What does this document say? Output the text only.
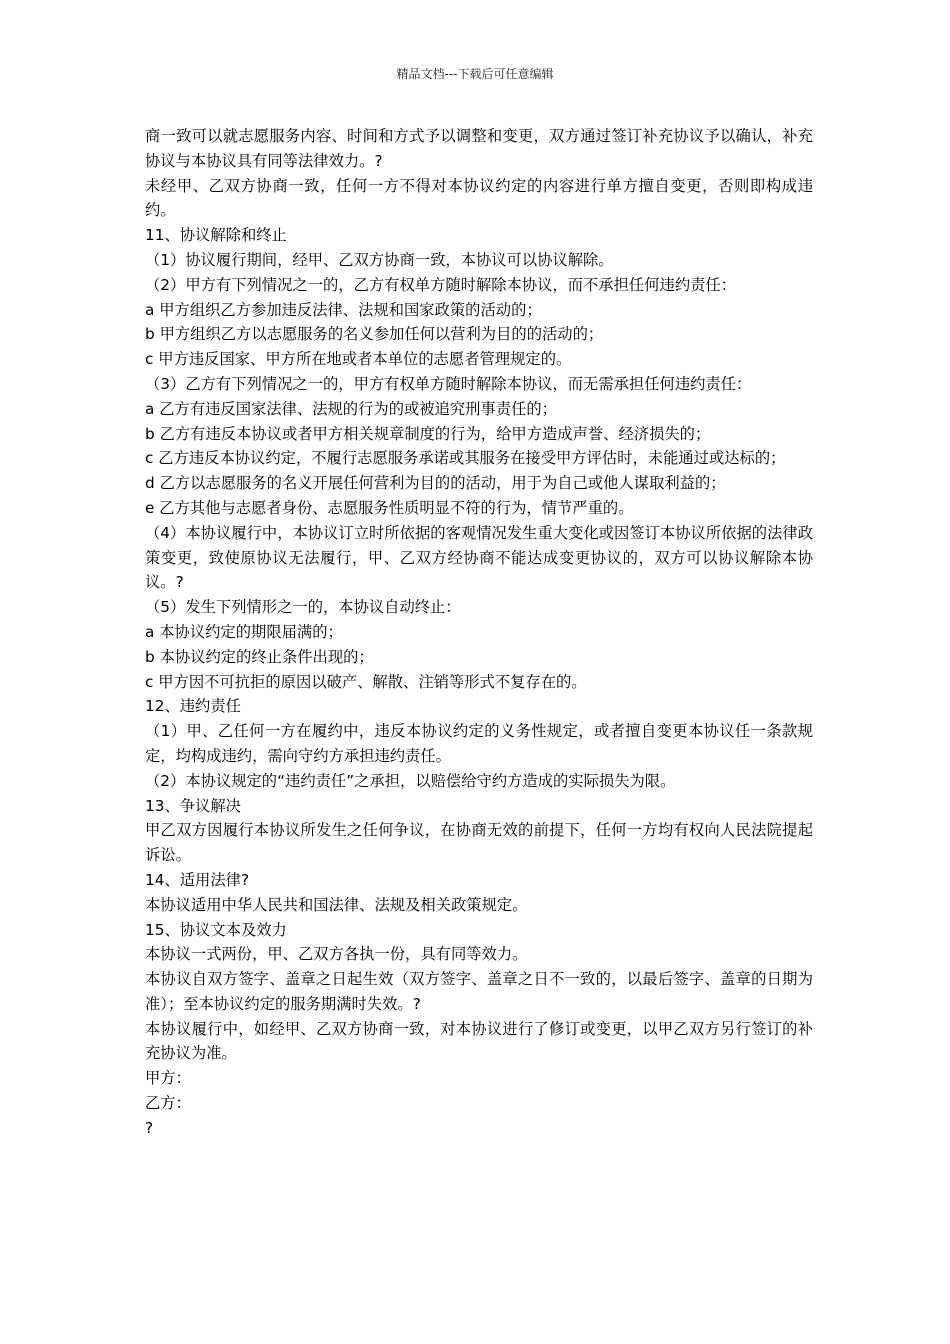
精品文档---下载后可任意编辑

商一致可以就志愿服务内容、时间和方式予以调整和变更，双方通过签订补充协议予以确认，补充协议与本协议具有同等法律效力。?

未经甲、乙双方协商一致，任何一方不得对本协议约定的内容进行单方擅自变更，否则即构成违约。

11、协议解除和终止

（1）协议履行期间，经甲、乙双方协商一致，本协议可以协议解除。

（2）甲方有下列情况之一的，乙方有权单方随时解除本协议，而不承担任何违约责任：

a 甲方组织乙方参加违反法律、法规和国家政策的活动的；

b 甲方组织乙方以志愿服务的名义参加任何以营利为目的的活动的；

c 甲方违反国家、甲方所在地或者本单位的志愿者管理规定的。

（3）乙方有下列情况之一的，甲方有权单方随时解除本协议，而无需承担任何违约责任：

a 乙方有违反国家法律、法规的行为的或被追究刑事责任的；

b 乙方有违反本协议或者甲方相关规章制度的行为，给甲方造成声誉、经济损失的；

c 乙方违反本协议约定，不履行志愿服务承诺或其服务在接受甲方评估时，未能通过或达标的；

d 乙方以志愿服务的名义开展任何营利为目的的活动，用于为自己或他人谋取利益的；

e 乙方其他与志愿者身份、志愿服务性质明显不符的行为，情节严重的。

（4）本协议履行中，本协议订立时所依据的客观情况发生重大变化或因签订本协议所依据的法律政策变更，致使原协议无法履行，甲、乙双方经协商不能达成变更协议的，双方可以协议解除本协议。?

（5）发生下列情形之一的，本协议自动终止：

a 本协议约定的期限届满的；

b 本协议约定的终止条件出现的；

c 甲方因不可抗拒的原因以破产、解散、注销等形式不复存在的。

12、违约责任

（1）甲、乙任何一方在履约中，违反本协议约定的义务性规定，或者擅自变更本协议任一条款规定，均构成违约，需向守约方承担违约责任。

（2）本协议规定的“违约责任”之承担，以赔偿给守约方造成的实际损失为限。

13、争议解决

甲乙双方因履行本协议所发生之任何争议，在协商无效的前提下，任何一方均有权向人民法院提起诉讼。

14、适用法律?

本协议适用中华人民共和国法律、法规及相关政策规定。

15、协议文本及效力

本协议一式两份，甲、乙双方各执一份，具有同等效力。

本协议自双方签字、盖章之日起生效（双方签字、盖章之日不一致的，以最后签字、盖章的日期为准）；至本协议约定的服务期满时失效。?

本协议履行中，如经甲、乙双方协商一致，对本协议进行了修订或变更，以甲乙双方另行签订的补充协议为准。

甲方：

乙方：

?
